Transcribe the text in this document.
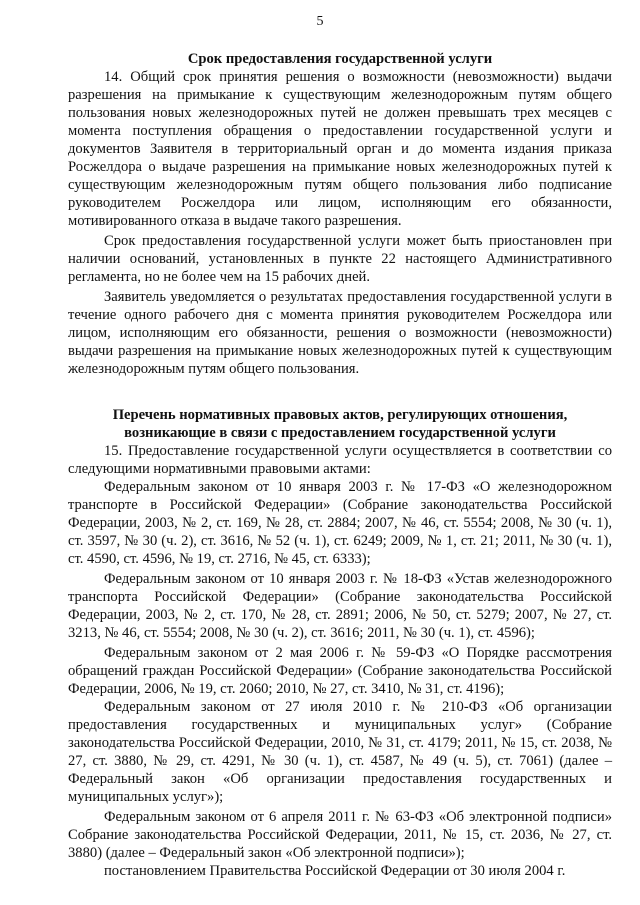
5
Срок предоставления государственной услуги

14. Общий срок принятия решения о возможности (невозможности) выдачи разрешения на примыкание к существующим железнодорожным путям общего пользования новых железнодорожных путей не должен превышать трех месяцев с момента поступления обращения о предоставлении государственной услуги и документов Заявителя в территориальный орган и до момента издания приказа Росжелдора о выдаче разрешения на примыкание новых железнодорожных путей к существующим железнодорожным путям общего пользования либо подписание руководителем Росжелдора или лицом, исполняющим его обязанности, мотивированного отказа в выдаче такого разрешения.

Срок предоставления государственной услуги может быть приостановлен при наличии оснований, установленных в пункте 22 настоящего Административного регламента, но не более чем на 15 рабочих дней.

Заявитель уведомляется о результатах предоставления государственной услуги в течение одного рабочего дня с момента принятия руководителем Росжелдора или лицом, исполняющим его обязанности, решения о возможности (невозможности) выдачи разрешения на примыкание новых железнодорожных путей к существующим железнодорожным путям общего пользования.

Перечень нормативных правовых актов, регулирующих отношения,
возникающие в связи с предоставлением государственной услуги

15. Предоставление государственной услуги осуществляется в соответствии со следующими нормативными правовыми актами:

Федеральным законом от 10 января 2003 г. № 17-ФЗ «О железнодорожном транспорте в Российской Федерации» (Собрание законодательства Российской Федерации, 2003, № 2, ст. 169, № 28, ст. 2884; 2007, № 46, ст. 5554; 2008, № 30 (ч. 1), ст. 3597, № 30 (ч. 2), ст. 3616, № 52 (ч. 1), ст. 6249; 2009, № 1, ст. 21; 2011, № 30 (ч. 1), ст. 4590, ст. 4596, № 19, ст. 2716, № 45, ст. 6333);

Федеральным законом от 10 января 2003 г. № 18-ФЗ «Устав железнодорожного транспорта Российской Федерации» (Собрание законодательства Российской Федерации, 2003, № 2, ст. 170, № 28, ст. 2891; 2006, № 50, ст. 5279; 2007, № 27, ст. 3213, № 46, ст. 5554; 2008, № 30 (ч. 2), ст. 3616; 2011, № 30 (ч. 1), ст. 4596);

Федеральным законом от 2 мая 2006 г. № 59-ФЗ «О Порядке рассмотрения обращений граждан Российской Федерации» (Собрание законодательства Российской Федерации, 2006, № 19, ст. 2060; 2010, № 27, ст. 3410, № 31, ст. 4196);

Федеральным законом от 27 июля 2010 г. № 210-ФЗ «Об организации предоставления государственных и муниципальных услуг» (Собрание законодательства Российской Федерации, 2010, № 31, ст. 4179; 2011, № 15, ст. 2038, № 27, ст. 3880, № 29, ст. 4291, № 30 (ч. 1), ст. 4587, № 49 (ч. 5), ст. 7061) (далее – Федеральный закон «Об организации предоставления государственных и муниципальных услуг»);

Федеральным законом от 6 апреля 2011 г. № 63-ФЗ «Об электронной подписи» Собрание законодательства Российской Федерации, 2011, № 15, ст. 2036, № 27, ст. 3880) (далее – Федеральный закон «Об электронной подписи»);

постановлением Правительства Российской Федерации от 30 июля 2004 г.
